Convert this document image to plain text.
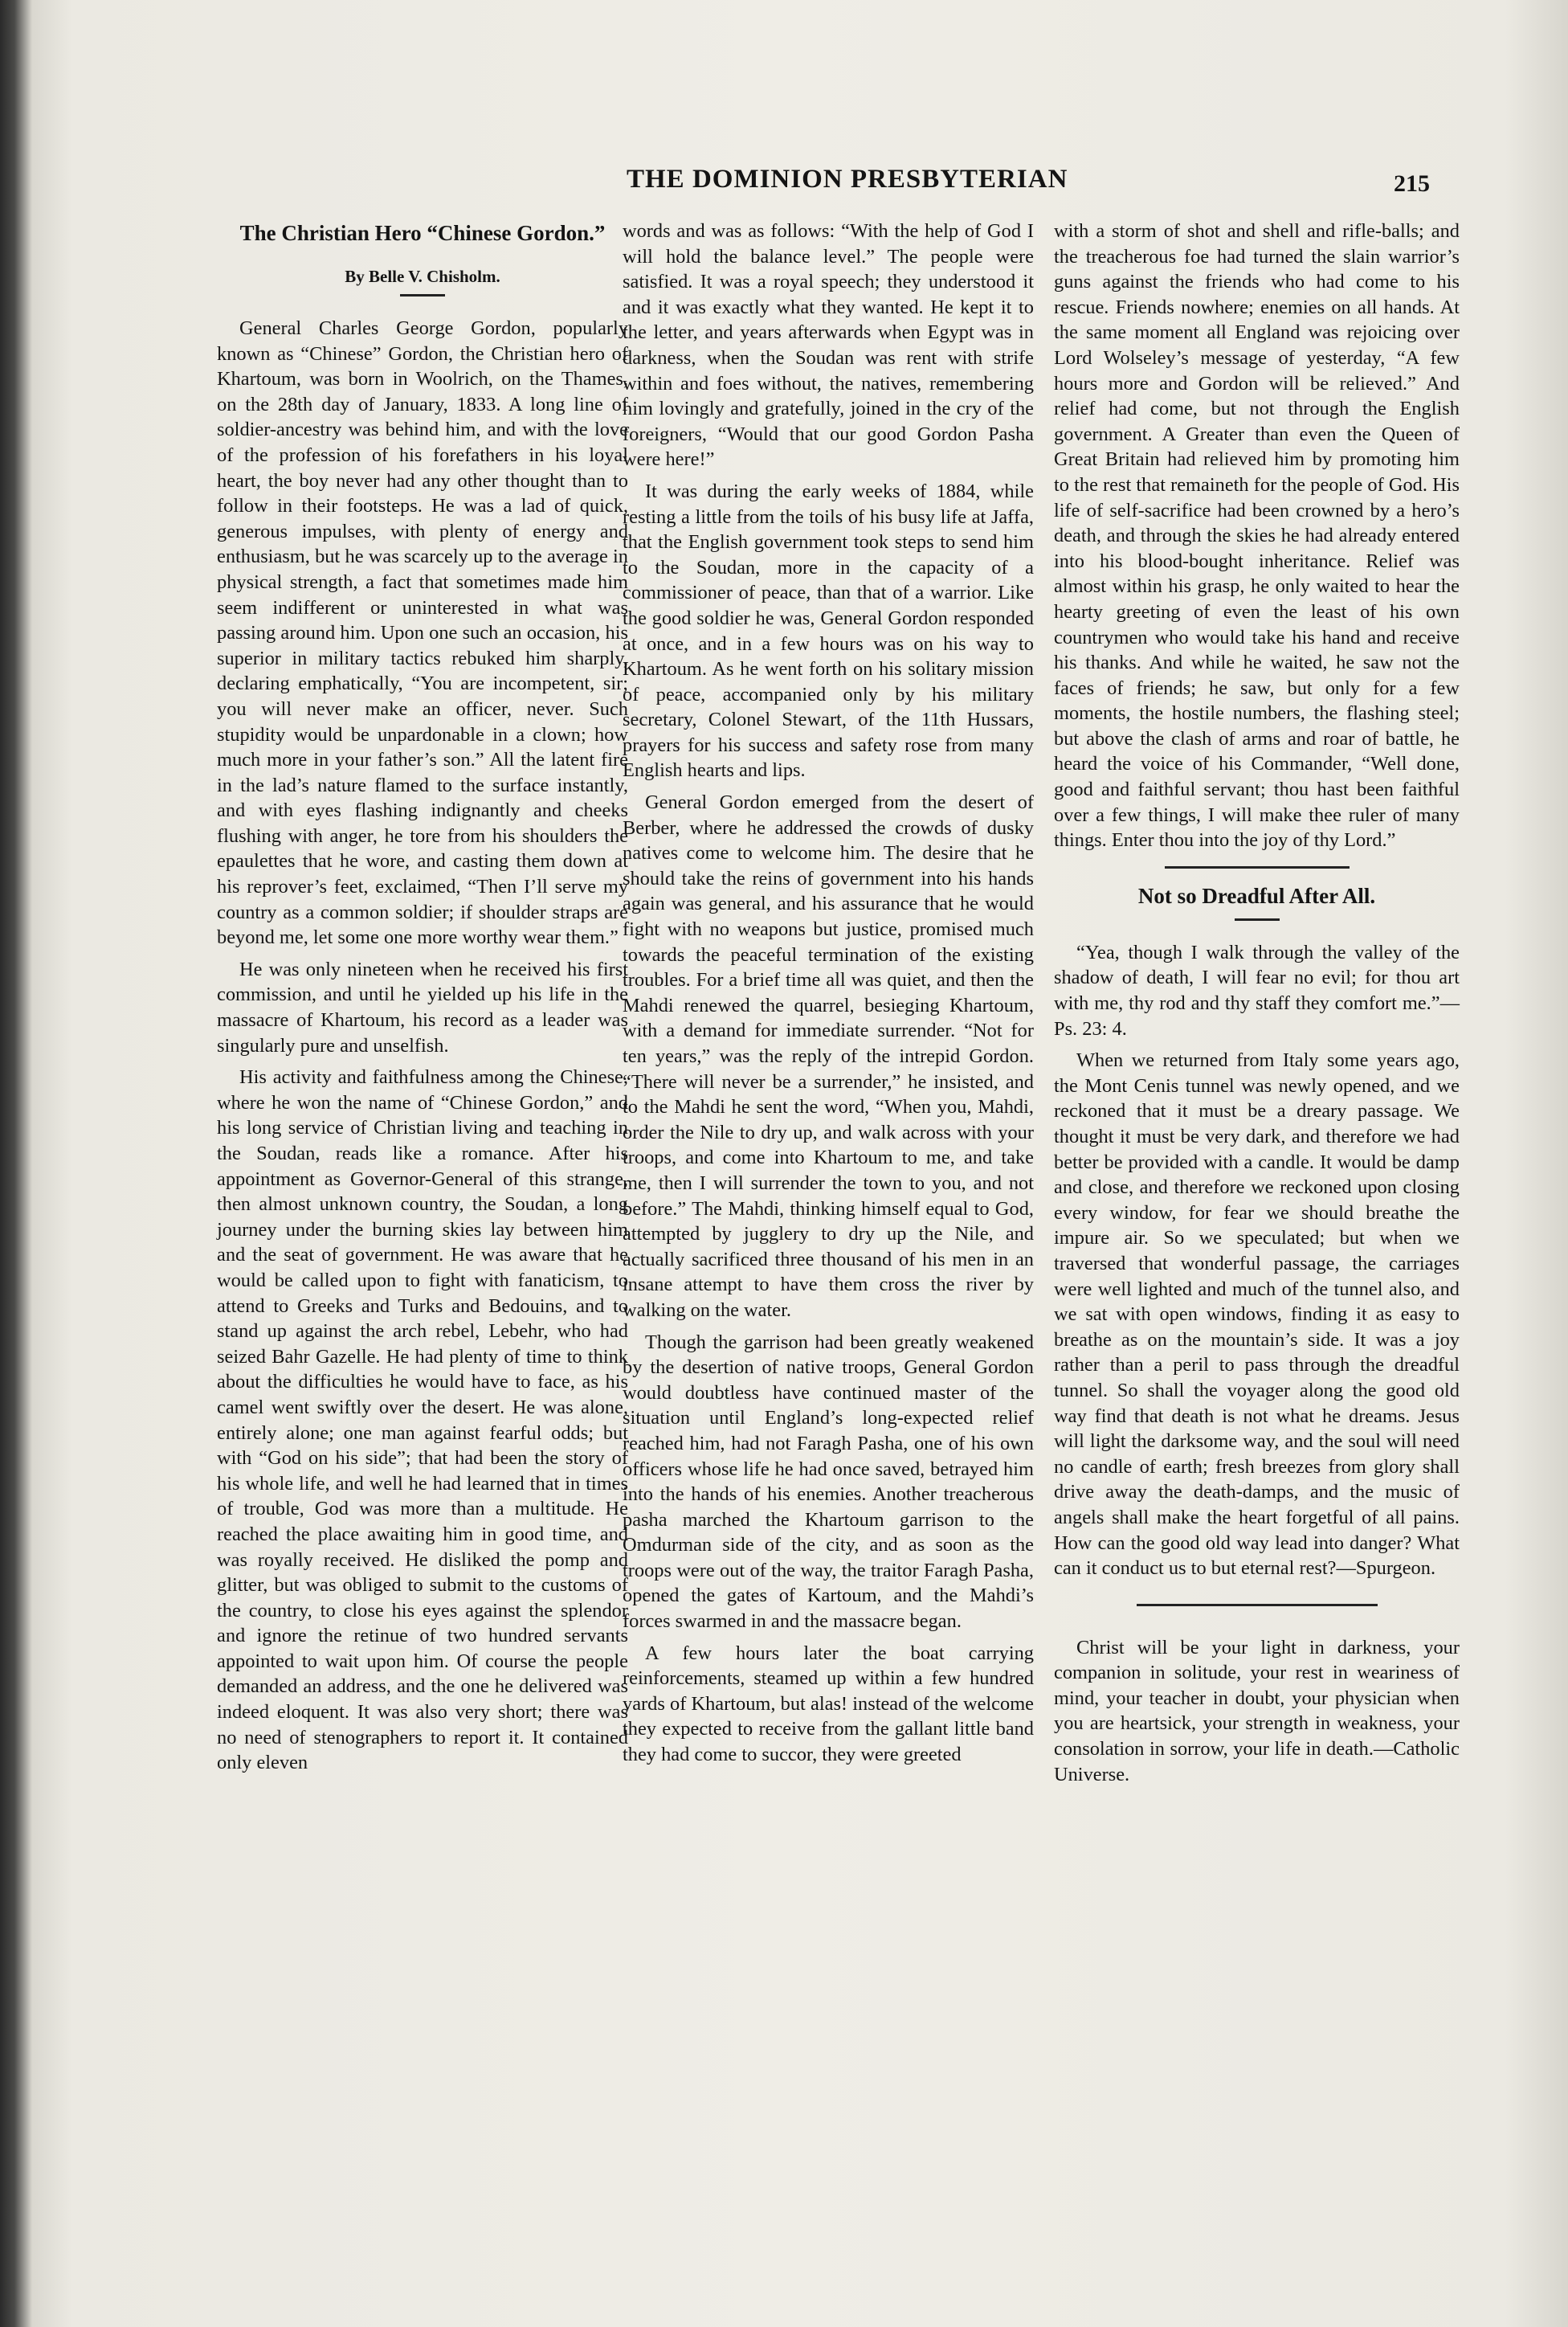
THE DOMINION PRESBYTERIAN	215
The Christian Hero “Chinese Gordon.”
By Belle V. Chisholm.

General Charles George Gordon, popularly known as “Chinese” Gordon, the Christian hero of Khartoum, was born in Woolrich, on the Thames, on the 28th day of January, 1833. A long line of soldier-ancestry was behind him, and with the love of the profession of his forefathers in his loyal heart, the boy never had any other thought than to follow in their footsteps. He was a lad of quick, generous impulses, with plenty of energy and enthusiasm, but he was scarcely up to the average in physical strength, a fact that sometimes made him seem indifferent or uninterested in what was passing around him. Upon one such an occasion, his superior in military tactics rebuked him sharply, declaring emphatically, “You are incompetent, sir; you will never make an officer, never. Such stupidity would be unpardonable in a clown; how much more in your father’s son.” All the latent fire in the lad’s nature flamed to the surface instantly, and with eyes flashing indignantly and cheeks flushing with anger, he tore from his shoulders the epaulettes that he wore, and casting them down at his reprover’s feet, exclaimed, “Then I’ll serve my country as a common soldier; if shoulder straps are beyond me, let some one more worthy wear them.”

He was only nineteen when he received his first commission, and until he yielded up his life in the massacre of Khartoum, his record as a leader was singularly pure and unselfish.

His activity and faithfulness among the Chinese, where he won the name of “Chinese Gordon,” and his long service of Christian living and teaching in the Soudan, reads like a romance. After his appointment as Governor-General of this strange, then almost unknown country, the Soudan, a long journey under the burning skies lay between him and the seat of government. He was aware that he would be called upon to fight with fanaticism, to attend to Greeks and Turks and Bedouins, and to stand up against the arch rebel, Lebehr, who had seized Bahr Gazelle. He had plenty of time to think about the difficulties he would have to face, as his camel went swiftly over the desert. He was alone, entirely alone; one man against fearful odds; but with “God on his side”; that had been the story of his whole life, and well he had learned that in times of trouble, God was more than a multitude. He reached the place awaiting him in good time, and was royally received. He disliked the pomp and glitter, but was obliged to submit to the customs of the country, to close his eyes against the splendor and ignore the retinue of two hundred servants appointed to wait upon him. Of course the people demanded an address, and the one he delivered was indeed eloquent. It was also very short; there was no need of stenographers to report it. It contained only eleven

words and was as follows: “With the help of God I will hold the balance level.” The people were satisfied. It was a royal speech; they understood it and it was exactly what they wanted. He kept it to the letter, and years afterwards when Egypt was in darkness, when the Soudan was rent with strife within and foes without, the natives, remembering him lovingly and gratefully, joined in the cry of the foreigners, “Would that our good Gordon Pasha were here!”

It was during the early weeks of 1884, while resting a little from the toils of his busy life at Jaffa, that the English government took steps to send him to the Soudan, more in the capacity of a commissioner of peace, than that of a warrior. Like the good soldier he was, General Gordon responded at once, and in a few hours was on his way to Khartoum. As he went forth on his solitary mission of peace, accompanied only by his military secretary, Colonel Stewart, of the 11th Hussars, prayers for his success and safety rose from many English hearts and lips.

General Gordon emerged from the desert of Berber, where he addressed the crowds of dusky natives come to welcome him. The desire that he should take the reins of government into his hands again was general, and his assurance that he would fight with no weapons but justice, promised much towards the peaceful termination of the existing troubles. For a brief time all was quiet, and then the Mahdi renewed the quarrel, besieging Khartoum, with a demand for immediate surrender. “Not for ten years,” was the reply of the intrepid Gordon. “There will never be a surrender,” he insisted, and to the Mahdi he sent the word, “When you, Mahdi, order the Nile to dry up, and walk across with your troops, and come into Khartoum to me, and take me, then I will surrender the town to you, and not before.” The Mahdi, thinking himself equal to God, attempted by jugglery to dry up the Nile, and actually sacrificed three thousand of his men in an insane attempt to have them cross the river by walking on the water.

Though the garrison had been greatly weakened by the desertion of native troops, General Gordon would doubtless have continued master of the situation until England’s long-expected relief reached him, had not Faragh Pasha, one of his own officers whose life he had once saved, betrayed him into the hands of his enemies. Another treacherous pasha marched the Khartoum garrison to the Omdurman side of the city, and as soon as the troops were out of the way, the traitor Faragh Pasha, opened the gates of Kartoum, and the Mahdi’s forces swarmed in and the massacre began.

A few hours later the boat carrying reinforcements, steamed up within a few hundred yards of Khartoum, but alas! instead of the welcome they expected to receive from the gallant little band they had come to succor, they were greeted

with a storm of shot and shell and rifle-balls; and the treacherous foe had turned the slain warrior’s guns against the friends who had come to his rescue. Friends nowhere; enemies on all hands. At the same moment all England was rejoicing over Lord Wolseley’s message of yesterday, “A few hours more and Gordon will be relieved.” And relief had come, but not through the English government. A Greater than even the Queen of Great Britain had relieved him by promoting him to the rest that remaineth for the people of God. His life of self-sacrifice had been crowned by a hero’s death, and through the skies he had already entered into his blood-bought inheritance. Relief was almost within his grasp, he only waited to hear the hearty greeting of even the least of his own countrymen who would take his hand and receive his thanks. And while he waited, he saw not the faces of friends; he saw, but only for a few moments, the hostile numbers, the flashing steel; but above the clash of arms and roar of battle, he heard the voice of his Commander, “Well done, good and faithful servant; thou hast been faithful over a few things, I will make thee ruler of many things. Enter thou into the joy of thy Lord.”

Not so Dreadful After All.

“Yea, though I walk through the valley of the shadow of death, I will fear no evil; for thou art with me, thy rod and thy staff they comfort me.”—Ps. 23: 4.

When we returned from Italy some years ago, the Mont Cenis tunnel was newly opened, and we reckoned that it must be a dreary passage. We thought it must be very dark, and therefore we had better be provided with a candle. It would be damp and close, and therefore we reckoned upon closing every window, for fear we should breathe the impure air. So we speculated; but when we traversed that wonderful passage, the carriages were well lighted and much of the tunnel also, and we sat with open windows, finding it as easy to breathe as on the mountain’s side. It was a joy rather than a peril to pass through the dreadful tunnel. So shall the voyager along the good old way find that death is not what he dreams. Jesus will light the darksome way, and the soul will need no candle of earth; fresh breezes from glory shall drive away the death-damps, and the music of angels shall make the heart forgetful of all pains. How can the good old way lead into danger? What can it conduct us to but eternal rest?—Spurgeon.

Christ will be your light in darkness, your companion in solitude, your rest in weariness of mind, your teacher in doubt, your physician when you are heartsick, your strength in weakness, your consolation in sorrow, your life in death.—Catholic Universe.
